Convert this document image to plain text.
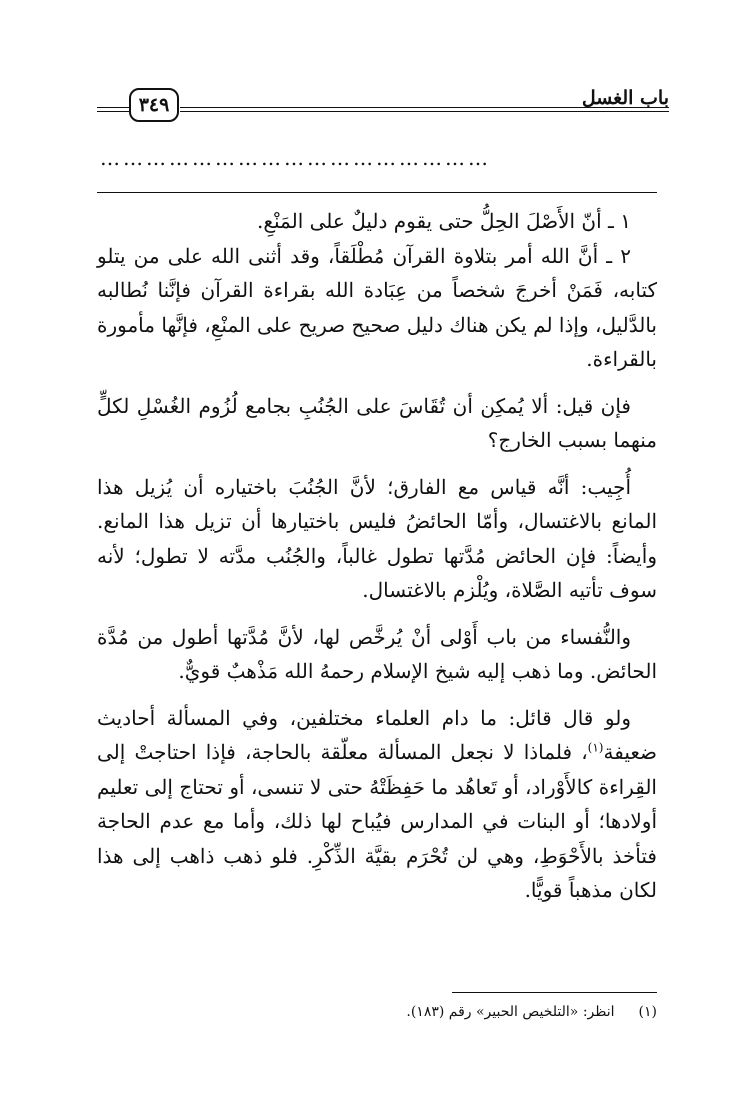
باب الغسل
٣٤٩
……………………………………………

١ ـ أنّ الأَصْلَ الحِلُّ حتى يقوم دليلٌ على المَنْعِ.

٢ ـ أنَّ الله أمر بتلاوة القرآن مُطْلَقاً، وقد أثنى الله على من يتلو كتابه، فَمَنْ أخرجَ شخصاً من عِبَادة الله بقراءة القرآن فإنَّنا نُطالبه بالدَّليل، وإذا لم يكن هناك دليل صحيح صريح على المنْعِ، فإنَّها مأمورة بالقراءة.

فإن قيل: ألا يُمكِن أن تُقَاسَ على الجُنُبِ بجامع لُزُوم الغُسْلِ لكلٍّ منهما بسبب الخارج؟

أُجِيب: أنَّه قياس مع الفارق؛ لأنَّ الجُنُبَ باختياره أن يُزيل هذا المانع بالاغتسال، وأمّا الحائضُ فليس باختيارها أن تزيل هذا المانع. وأيضاً: فإن الحائض مُدَّتها تطول غالباً، والجُنُب مدَّته لا تطول؛ لأنه سوف تأتيه الصَّلاة، ويُلْزم بالاغتسال.

والنُّفساء من باب أَوْلى أنْ يُرخَّص لها، لأنَّ مُدَّتها أطول من مُدَّة الحائض. وما ذهب إليه شيخ الإسلام رحمهُ الله مَذْهبٌ قويٌّ.

ولو قال قائل: ما دام العلماء مختلفين، وفي المسألة أحاديث ضعيفة$^{(١)}$، فلماذا لا نجعل المسألة معلّقة بالحاجة، فإذا احتاجتْ إلى القِراءة كالأَوْراد، أو تَعاهُد ما حَفِظَتْهُ حتى لا تنسى، أو تحتاج إلى تعليم أولادها؛ أو البنات في المدارس فيُباح لها ذلك، وأما مع عدم الحاجة فتأخذ بالأَحْوَطِ، وهي لن تُحْرَم بقيَّة الذِّكْرِ. فلو ذهب ذاهب إلى هذا لكان مذهباً قويًّا.

(١)انظر: «التلخيص الحبير» رقم (١٨٣).
